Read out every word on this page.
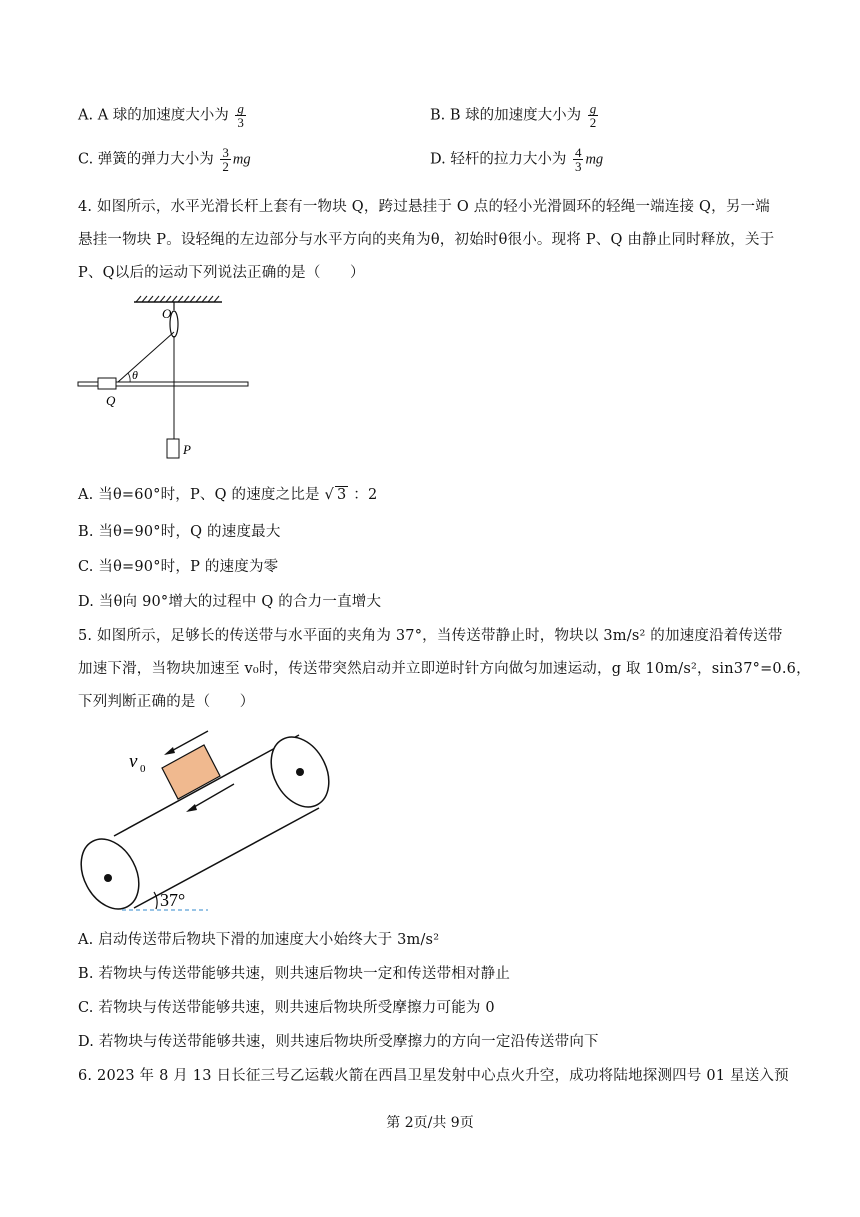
A. A 球的加速度大小为 $\frac{g}{3}$	B. B 球的加速度大小为 $\frac{g}{2}$
C. 弹簧的弹力大小为 $\frac{3}{2}$ mg	D. 轻杆的拉力大小为 $\frac{4}{3}$ mg
4. 如图所示，水平光滑长杆上套有一物块 Q，跨过悬挂于 O 点的轻小光滑圆环的轻绳一端连接 Q，另一端
悬挂一物块 P。设轻绳的左边部分与水平方向的夹角为θ，初始时θ很小。现将 P、Q 由静止同时释放，关于
P、Q以后的运动下列说法正确的是（　　）
O
Q
θ
P
A. 当θ=60°时，P、Q 的速度之比是 √ 3 ：2
B. 当θ=90°时，Q 的速度最大
C. 当θ=90°时，P 的速度为零
D. 当θ向 90°增大的过程中 Q 的合力一直增大
5. 如图所示，足够长的传送带与水平面的夹角为 37°，当传送带静止时，物块以 3m/s² 的加速度沿着传送带
加速下滑，当物块加速至 v₀时，传送带突然启动并立即逆时针方向做匀加速运动，g 取 10m/s²，sin37°=0.6，
下列判断正确的是（　　）
v 0
37°
A. 启动传送带后物块下滑的加速度大小始终大于 3m/s²
B. 若物块与传送带能够共速，则共速后物块一定和传送带相对静止
C. 若物块与传送带能够共速，则共速后物块所受摩擦力可能为 0
D. 若物块与传送带能够共速，则共速后物块所受摩擦力的方向一定沿传送带向下
6. 2023 年 8 月 13 日长征三号乙运载火箭在西昌卫星发射中心点火升空，成功将陆地探测四号 01 星送入预
第 2页/共 9页
